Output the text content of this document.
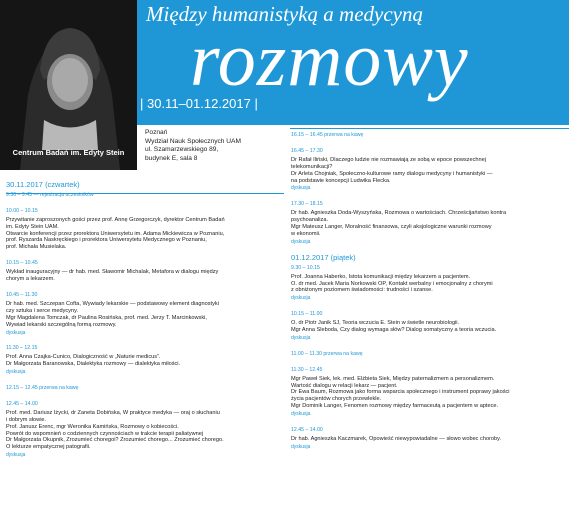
Centrum Badań im. Edyty Stein
Między humanistyką a medycyną
rozmowy
| 30.11–01.12.2017 |
Poznań
Wydział Nauk Społecznych UAM
ul. Szamarzewskiego 89,
budynek E, sala 8
30.11.2017 (czwartek)
9.30 – 9.45 — rejestracja uczestników
10.00 – 10.15
Przywitanie zaproszonych gości przez prof. Annę Grzegorczyk, dyrektor Centrum Badań
im. Edyty Stein UAM.
Otwarcie konferencji przez prorektora Uniwersytetu im. Adama Mickiewicza w Poznaniu,
prof. Ryszarda Naskręckiego i prorektora Uniwersytetu Medycznego w Poznaniu,
prof. Michała Musielaka.
10.15 – 10.45
Wykład inauguracyjny — dr hab. med. Sławomir Michalak, Metafora w dialogu między
chorym a lekarzem.
10.45 – 11.30
Dr hab. med. Szczepan Cofta, Wywiady lekarskie — podstawowy element diagnostyki
czy sztuka i serce medycyny.
Mgr Magdalena Tomczak, dr Paulina Rosińska, prof. med. Jerzy T. Marcinkowski,
Wywiad lekarski szczególną formą rozmowy.
dyskusja
11.30 – 12.15
Prof. Anna Czajka-Cunico, Dialogiczność w „Naturie medicus”.
Dr Małgorzata Baranowska, Dialektyka rozmowy — dialektyka miłości.
dyskusja
12.15 – 12.45 przerwa na kawę
12.45 – 14.00
Prof. med. Dariusz Iżycki, dr Żaneta Dobińska, W praktyce medyka — oraj o słuchaniu
i dobrym słowie.
Prof. Janusz Erenc, mgr Weronika Kamińska, Rozmowy o kobiecości.
Powrót do wspomnień o codziennych czynnościach w trakcie terapii paliatywnej
Dr Małgorzata Okupnik, Zrozumieć choregoi? Zrozumieć chorego... Zrozumieć chorego.
O lekturze empatycznej patografii.
dyskusja
16.15 – 16.45 przerwa na kawę
16.45 – 17.30
Dr Rafał Iliński, Dlaczego ludzie nie rozmawiają ze sobą w epoce powszechnej
telekomunikacji?
Dr Arleta Chojniak, Społeczno-kulturowe ramy dialogu medycyny i humanistyki —
na podstawie koncepcji Ludwika Flecka.
dyskusja
17.30 – 18.15
Dr hab. Agnieszka Doda-Wyszyńska, Rozmowa o wartościach. Chrześcijaństwo kontra
psychoanaliza.
Mgr Mateusz Langer, Moralność finansowa, czyli aksjologiczne warunki rozmowy
w ekonomii.
dyskusja
01.12.2017 (piątek)
9.30 – 10.15
Prof. Joanna Haberko, Istota komunikacji między lekarzem a pacjentem.
O. dr med. Jacek Maria Norkowski OP, Kontakt werbalny i emocjonalny z chorymi
z obniżonym poziomem świadomości: trudności i szanse.
dyskusja
10.15 – 11.00
O. dr Piotr Janik SJ, Teoria wczucia E. Stein w świetle neurobiologii.
Mgr Anna Śleboda, Czy dialog wymaga słów? Dialog somatyczny a teoria wczucia.
dyskusja
11.00 – 11.30 przerwa na kawę
11.30 – 12.45
Mgr Paweł Siek, lek. med. Elżbieta Siek, Między paternalizmem a personalizmem.
Wartość dialogu w relacji lekarz — pacjent.
Dr Ewa Baum, Rozmowa jako forma wsparcia społecznego i instrument poprawy jakości
życia pacjentów chorych przewlekle.
Mgr Dominik Langer, Fenomen rozmowy między farmaceutą a pacjentem w aptece.
dyskusja
12.45 – 14.00
Dr hab. Agnieszka Kaczmarek, Opowieść niewypowiadalne — słowo wobec choroby.
dyskusja
